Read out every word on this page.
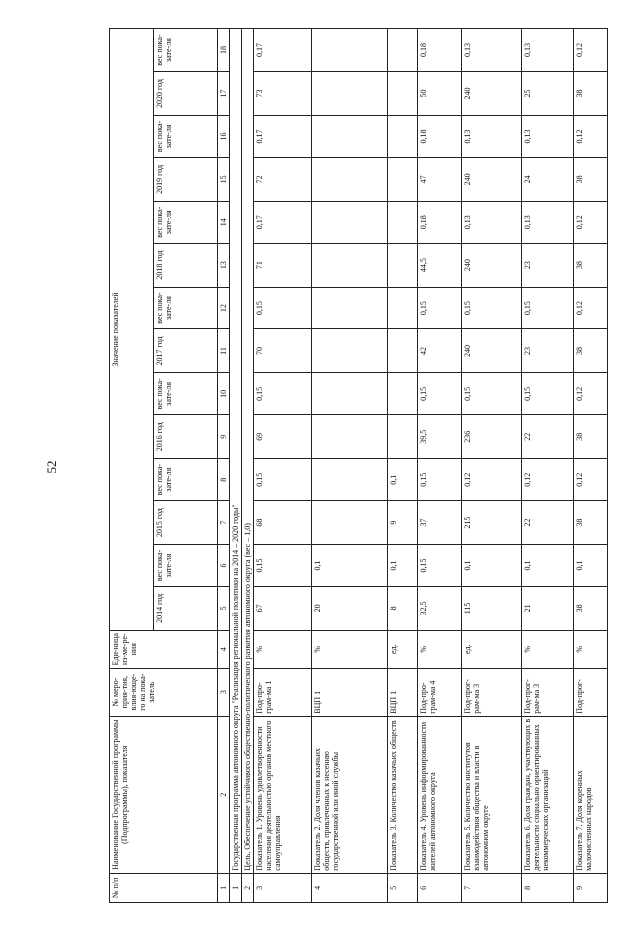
52
№ п/п	Наименование Государственной программы (Подпрограммы), показателя	№ меро-прия-тия, влия-юще-го на пока-затель	Еди-ница из-ме-ре-ния	Значение показателей													
				2014 год	вес пока-зате-ля	2015 год	вес пока-зате-ля	2016 год	вес пока-зате-ля	2017 год	вес пока-зате-ля	2018 год	вес пока-зате-ля	2019 год	вес пока-зате-ля	2020 год	вес пока-зате-ля
1	2	3	4	5	6	7	8	9	10	11	12	13	14	15	16	17	18
1	Государственная программа автономного округа "Реализация региональной политики на 2014 – 2020 годы"																
2	Цель. Обеспечение устойчивого общественно-политического развития автономного округа (вес – 1,0)																
3	Показатель 1. Уровень удовлетворенности населения деятельностью органов местного самоуправления	Под-про-грам-ма 1	%	67	0,15	68	0,15	69	0,15	70	0,15	71	0,17	72	0,17	73	0,17
4	Показатель 2. Доля членов казачьих обществ, привлеченных к несению государственной или иной службы	ВЦП 1	%	20	0,1												
5	Показатель 3. Количество казачьих обществ	ВЦП 1	ед.	8	0,1	9	0,1										
6	Показатель 4. Уровень информированности жителей автономного округа	Под-про-грам-ма 4	%	32,5	0,15	37	0,15	39,5	0,15	42	0,15	44,5	0,18	47	0,18	50	0,18
7	Показатель 5. Количество институтов взаимодействия общества и власти в автономном округе	Под-прог-рам-ма 3	ед.	115	0,1	215	0,12	236	0,15	240	0,15	240	0,13	240	0,13	240	0,13
8	Показатель 6. Доля граждан, участвующих в деятельности социально ориентированных некоммерческих организаций	Под-прог-рам-ма 3	%	21	0,1	22	0,12	22	0,15	23	0,15	23	0,13	24	0,13	25	0,13
9	Показатель 7. Доля коренных малочисленных народов	Под-прог-	%	38	0,1	38	0,12	38	0,12	38	0,12	38	0,12	38	0,12	38	0,12
